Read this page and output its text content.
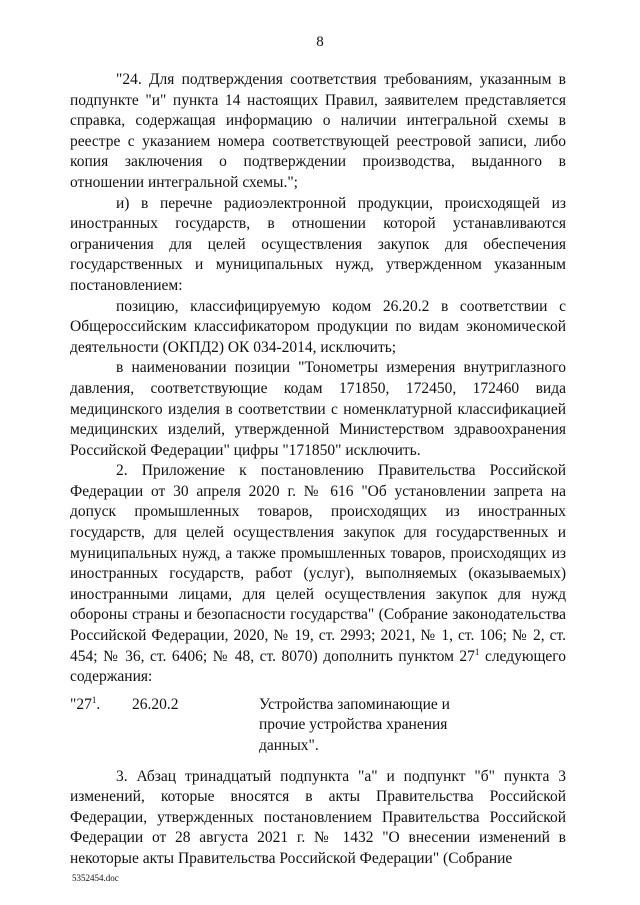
8

"24. Для подтверждения соответствия требованиям, указанным в подпункте "и" пункта 14 настоящих Правил, заявителем представляется справка, содержащая информацию о наличии интегральной схемы в реестре с указанием номера соответствующей реестровой записи, либо копия заключения о подтверждении производства, выданного в отношении интегральной схемы.";

и) в перечне радиоэлектронной продукции, происходящей из иностранных государств, в отношении которой устанавливаются ограничения для целей осуществления закупок для обеспечения государственных и муниципальных нужд, утвержденном указанным постановлением:

позицию, классифицируемую кодом 26.20.2 в соответствии с Общероссийским классификатором продукции по видам экономической деятельности (ОКПД2) ОК 034-2014, исключить;

в наименовании позиции "Тонометры измерения внутриглазного давления, соответствующие кодам 171850, 172450, 172460 вида медицинского изделия в соответствии с номенклатурной классификацией медицинских изделий, утвержденной Министерством здравоохранения Российской Федерации" цифры "171850" исключить.

2. Приложение к постановлению Правительства Российской Федерации от 30 апреля 2020 г. № 616 "Об установлении запрета на допуск промышленных товаров, происходящих из иностранных государств, для целей осуществления закупок для государственных и муниципальных нужд, а также промышленных товаров, происходящих из иностранных государств, работ (услуг), выполняемых (оказываемых) иностранными лицами, для целей осуществления закупок для нужд обороны страны и безопасности государства" (Собрание законодательства Российской Федерации, 2020, № 19, ст. 2993; 2021, № 1, ст. 106; № 2, ст. 454; № 36, ст. 6406; № 48, ст. 8070) дополнить пунктом $27^1$ следующего содержания:

"$27^1$.	26.20.2	Устройства запоминающие и прочие устройства хранения данных".

3. Абзац тринадцатый подпункта "а" и подпункт "б" пункта 3 изменений, которые вносятся в акты Правительства Российской Федерации, утвержденных постановлением Правительства Российской Федерации от 28 августа 2021 г. № 1432 "О внесении изменений в некоторые акты Правительства Российской Федерации" (Собрание

5352454.doc
